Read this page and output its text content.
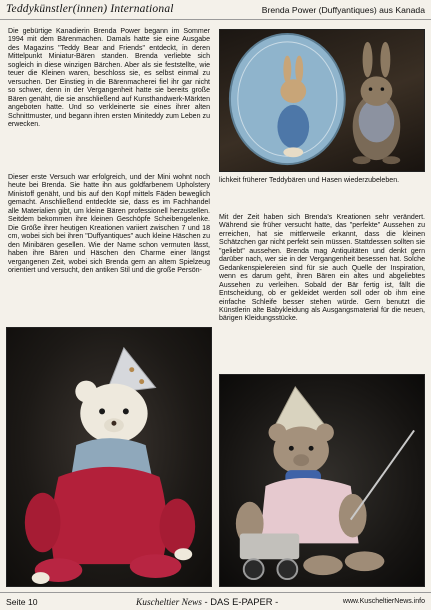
Teddykünstler(innen) International	Brenda Power (Duffyantiques) aus Kanada
Die gebürtige Kanadierin Brenda Power begann im Sommer 1994 mit dem Bärenmachen. Damals hatte sie eine Ausgabe des Magazins "Teddy Bear and Friends" entdeckt, in deren Mittelpunkt Miniatur-Bären standen. Brenda verliebte sich sogleich in diese winzigen Bärchen. Aber als sie feststellte, wie teuer die Kleinen waren, beschloss sie, es selbst einmal zu versuchen. Der Einstieg in die Bärenmacherei fiel ihr gar nicht so schwer, denn in der Vergangenheit hatte sie bereits große Bären genäht, die sie anschließend auf Kunsthandwerk-Märkten angeboten hatte. Und so verkleinerte sie eines ihrer alten Schnittmuster, und begann ihren ersten Miniteddy zum Leben zu erwecken.
Dieser erste Versuch war erfolgreich, und der Mini wohnt noch heute bei Brenda. Sie hatte ihn aus goldfarbenem Upholstery Ministoff genäht, und bis auf den Kopf mittels Fäden beweglich gemacht. Anschließend entdeckte sie, dass es im Fachhandel alle Materialien gibt, um kleine Bären professionell herzustellen. Seitdem bekommen ihre kleinen Geschöpfe Scheibengelenke. Die Größe ihrer heutigen Kreationen variiert zwischen 7 und 18 cm, wobei sich bei ihren "Duffyantiques" auch kleine Häschen zu den Minibären gesellen. Wie der Name schon vermuten lässt, haben ihre Bären und Häschen den Charme einer längst vergangenen Zeit, wobei sich Brenda gern an altem Spielzeug orientiert und versucht, den antiken Stil und die große Persön-
lichkeit früherer Teddybären und Hasen wiederzubeleben.
Mit der Zeit haben sich Brenda's Kreationen sehr verändert. Während sie früher versucht hatte, das "perfekte" Aussehen zu erreichen, hat sie mittlerweile erkannt, dass die kleinen Schätzchen gar nicht perfekt sein müssen. Stattdessen sollten sie "geliebt" aussehen. Brenda mag Antiquitäten und denkt gern darüber nach, wer sie in der Vergangenheit besessen hat. Solche Gedankenspielereien sind für sie auch Quelle der Inspiration, wenn es darum geht, ihren Bären ein altes und abgeliebtes Aussehen zu verleihen. Sobald der Bär fertig ist, fällt die Entscheidung, ob er gekleidet werden soll oder ob ihm eine einfache Schleife besser stehen würde. Gern benutzt die Künstlerin alte Babykleidung als Ausgangsmaterial für die neuen, bärigen Kleidungsstücke.
Seite 10	Kuscheltier News - DAS E-PAPER -	www.KuscheltierNews.info
